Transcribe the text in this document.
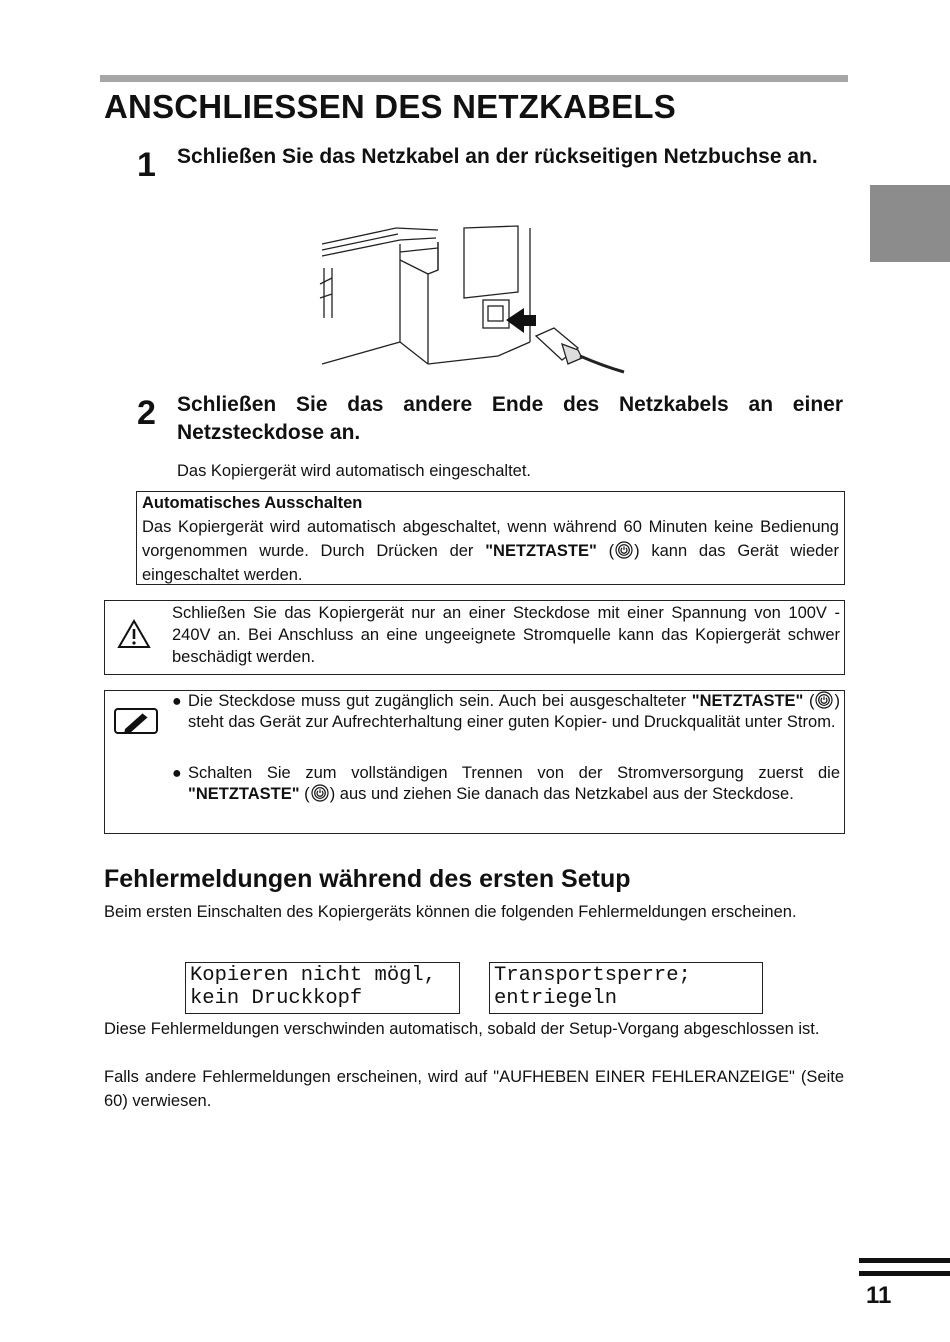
ANSCHLIESSEN DES NETZKABELS
1 Schließen Sie das Netzkabel an der rückseitigen Netzbuchse an.
2 Schließen Sie das andere Ende des Netzkabels an einer Netzsteckdose an.
Das Kopiergerät wird automatisch eingeschaltet.
Automatisches Ausschalten
Das Kopiergerät wird automatisch abgeschaltet, wenn während 60 Minuten keine Bedienung vorgenommen wurde. Durch Drücken der "NETZTASTE" ( ) kann das Gerät wieder eingeschaltet werden.
Schließen Sie das Kopiergerät nur an einer Steckdose mit einer Spannung von 100V - 240V an. Bei Anschluss an eine ungeeignete Stromquelle kann das Kopiergerät schwer beschädigt werden.
● Die Steckdose muss gut zugänglich sein. Auch bei ausgeschalteter "NETZTASTE" ( ) steht das Gerät zur Aufrechterhaltung einer guten Kopier- und Druckqualität unter Strom.
● Schalten Sie zum vollständigen Trennen von der Stromversorgung zuerst die "NETZTASTE" ( ) aus und ziehen Sie danach das Netzkabel aus der Steckdose.
Fehlermeldungen während des ersten Setup
Beim ersten Einschalten des Kopiergeräts können die folgenden Fehlermeldungen erscheinen.
Kopieren nicht mögl,
kein Druckkopf
Transportsperre;
entriegeln
Diese Fehlermeldungen verschwinden automatisch, sobald der Setup-Vorgang abgeschlossen ist.
Falls andere Fehlermeldungen erscheinen, wird auf "AUFHEBEN EINER FEHLERANZEIGE" (Seite 60) verwiesen.
11
